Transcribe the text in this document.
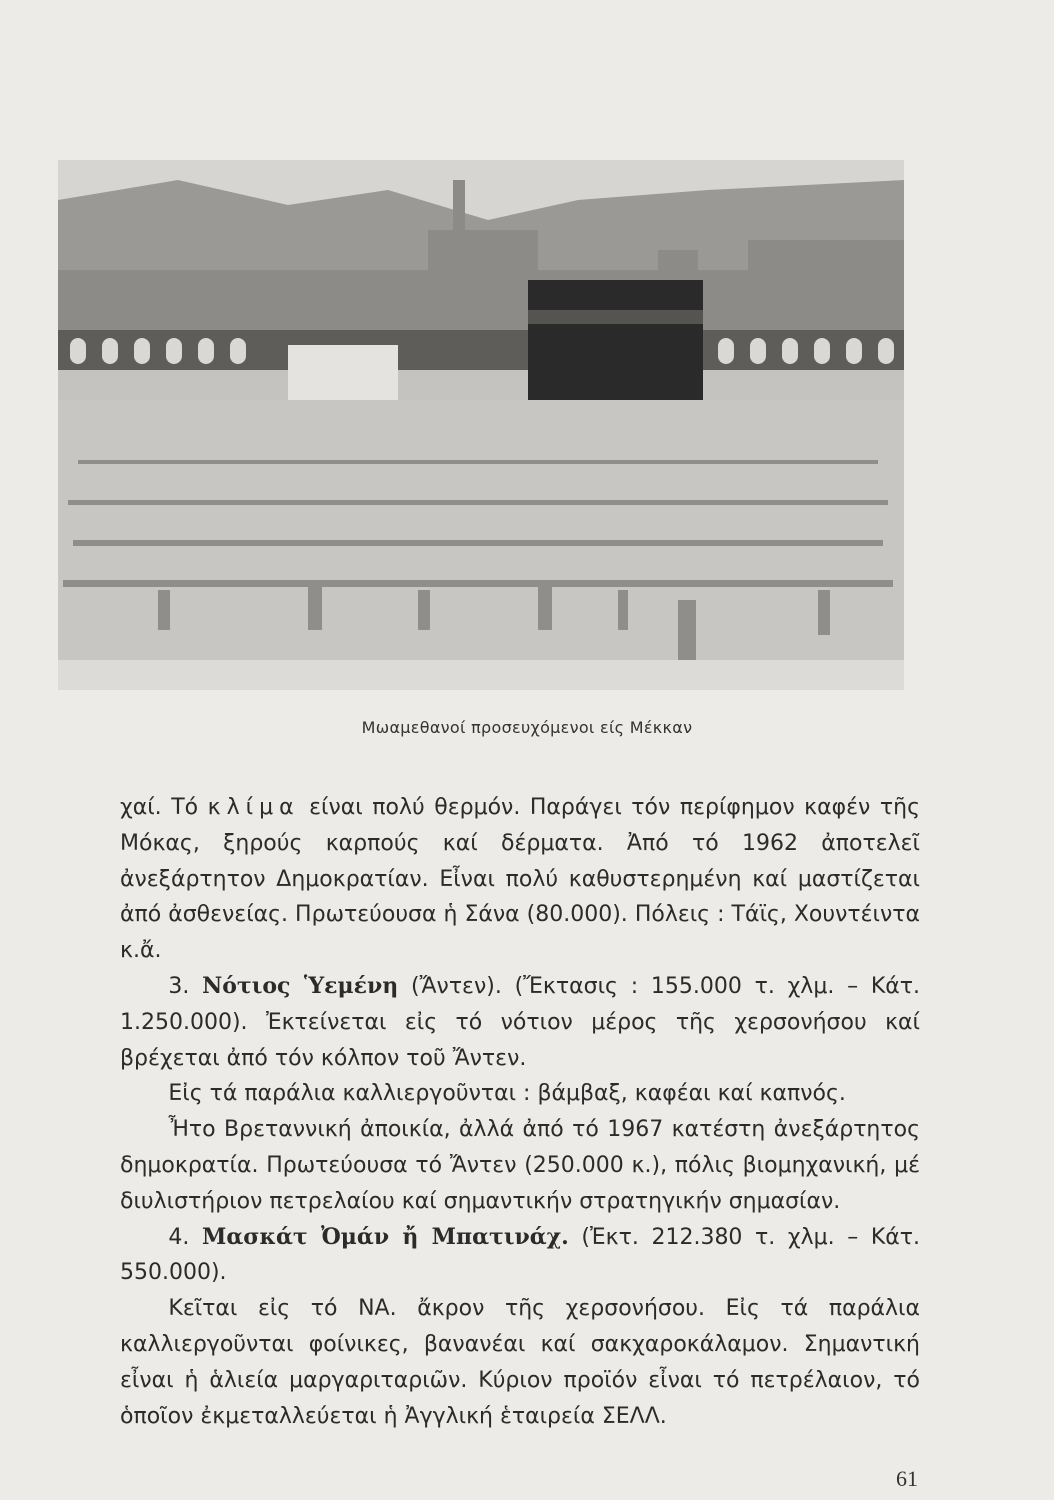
Μωαμεθανοί προσευχόμενοι είς Μέκκαν

χαί. Τό κλίμα είναι πολύ θερμόν. Παράγει τόν περίφημον καφέν τῆς Μόκας, ξηρούς καρπούς καί δέρματα. Ἀπό τό 1962 ἀποτελεῖ ἀνεξάρτητον Δημοκρατίαν. Εἶναι πολύ καθυστερημένη καί μαστίζεται ἀπό ἀσθενείας. Πρωτεύουσα ἡ Σάνα (80.000). Πόλεις : Τάϊς, Χουντέιντα κ.ἄ.

3. Νότιος Ὑεμένη (Ἄντεν). (Ἔκτασις : 155.000 τ. χλμ. – Κάτ. 1.250.000). Ἐκτείνεται εἰς τό νότιον μέρος τῆς χερσονήσου καί βρέχεται ἀπό τόν κόλπον τοῦ Ἄντεν.

Εἰς τά παράλια καλλιεργοῦνται : βάμβαξ, καφέαι καί καπνός.

Ἦτο Βρεταννική ἀποικία, ἀλλά ἀπό τό 1967 κατέστη ἀνεξάρτητος δημοκρατία. Πρωτεύουσα τό Ἄντεν (250.000 κ.), πόλις βιομηχανική, μέ διυλιστήριον πετρελαίου καί σημαντικήν στρατηγικήν σημασίαν.

4. Μασκάτ Ὀμάν ἤ Μπατινάχ. (Ἐκτ. 212.380 τ. χλμ. – Κάτ. 550.000).

Κεῖται εἰς τό ΝΑ. ἄκρον τῆς χερσονήσου. Εἰς τά παράλια καλλιεργοῦνται φοίνικες, βανανέαι καί σακχαροκάλαμον. Σημαντική εἶναι ἡ ἁλιεία μαργαριταριῶν. Κύριον προϊόν εἶναι τό πετρέλαιον, τό ὁποῖον ἐκμεταλλεύεται ἡ Ἀγγλική ἑταιρεία ΣΕΛΛ.

61
